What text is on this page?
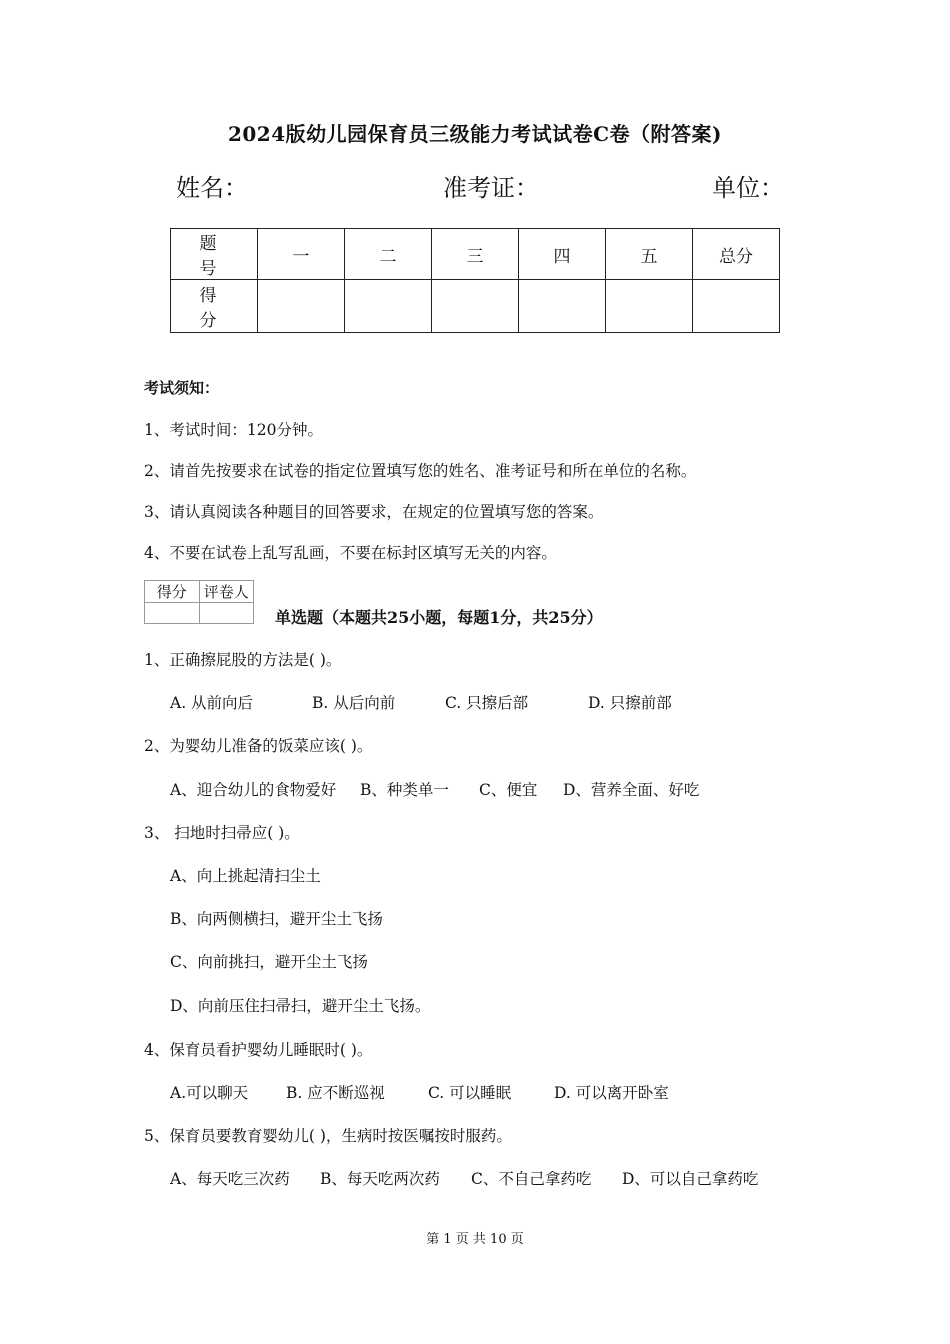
2024版幼儿园保育员三级能力考试试卷C卷（附答案)
姓名：	准考证：	单位：
题 号	一	二	三	四	五	总分
得 分						
考试须知：
1、考试时间：120分钟。
2、请首先按要求在试卷的指定位置填写您的姓名、准考证号和所在单位的名称。
3、请认真阅读各种题目的回答要求，在规定的位置填写您的答案。
4、不要在试卷上乱写乱画，不要在标封区填写无关的内容。
得分	评卷人

单选题（本题共25小题，每题1分，共25分）
1、正确擦屁股的方法是( )。
A. 从前向后	B. 从后向前	C. 只擦后部	D. 只擦前部
2、为婴幼儿准备的饭菜应该( )。
A、迎合幼儿的食物爱好 B、种类单一 C、便宜 D、营养全面、好吃
3、 扫地时扫帚应( )。
A、向上挑起清扫尘土
B、向两侧横扫，避开尘土飞扬
C、向前挑扫，避开尘土飞扬
D、向前压住扫帚扫，避开尘土飞扬。
4、保育员看护婴幼儿睡眠时( )。
A.可以聊天 B. 应不断巡视	C. 可以睡眠	D. 可以离开卧室
5、保育员要教育婴幼儿( )，生病时按医嘱按时服药。
A、每天吃三次药 B、每天吃两次药 C、不自己拿药吃 D、可以自己拿药吃
第 1 页 共 10 页
